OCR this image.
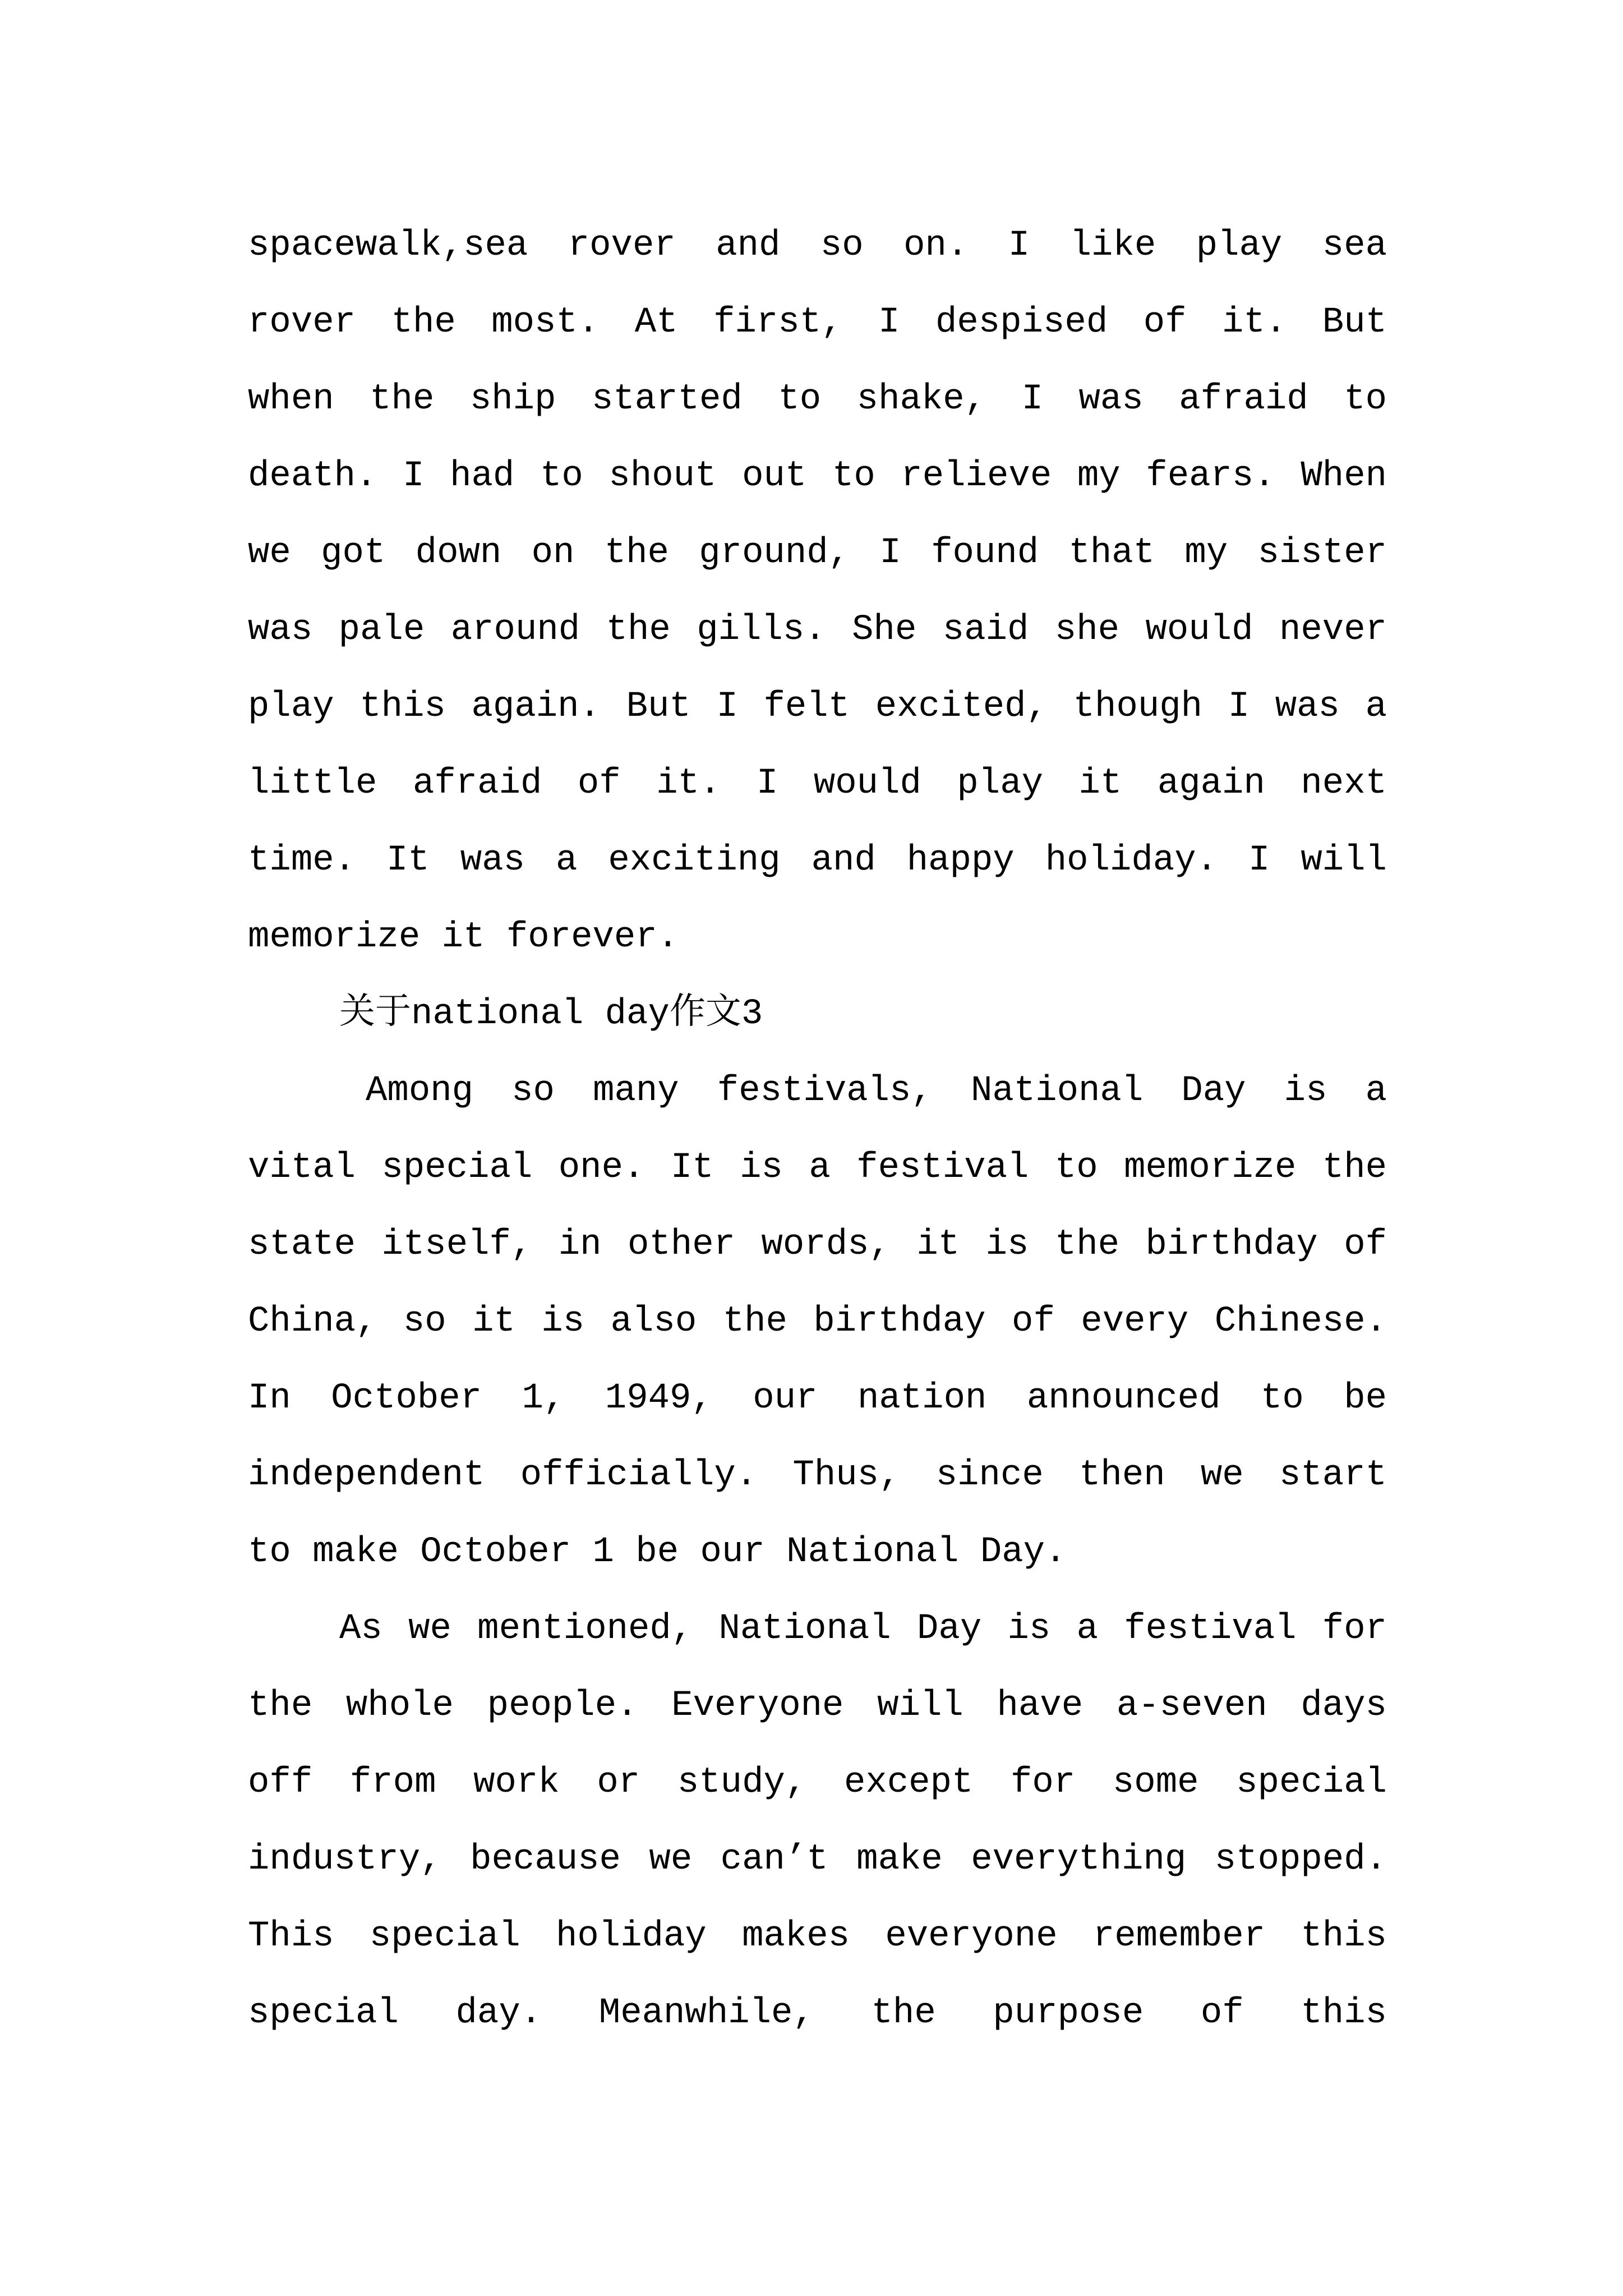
spacewalk,sea rover and so on. I like play sea
rover the most. At first, I despised of it. But
when the ship started to shake, I was afraid to
death. I had to shout out to relieve my fears. When
we got down on the ground, I found that my sister
was pale around the gills. She said she would never
play this again. But I felt excited, though I was a
little afraid of it. I would play it again next
time. It was a exciting and happy holiday. I will
memorize it forever.
关于national day作文3
Among so many festivals, National Day is a
vital special one. It is a festival to memorize the
state itself, in other words, it is the birthday of
China, so it is also the birthday of every Chinese.
In October 1, 1949, our nation announced to be
independent officially. Thus, since then we start
to make October 1 be our National Day.
As we mentioned, National Day is a festival for
the whole people. Everyone will have a-seven days
off from work or study, except for some special
industry, because we can’t make everything stopped.
This special holiday makes everyone remember this
special day. Meanwhile, the purpose of this
